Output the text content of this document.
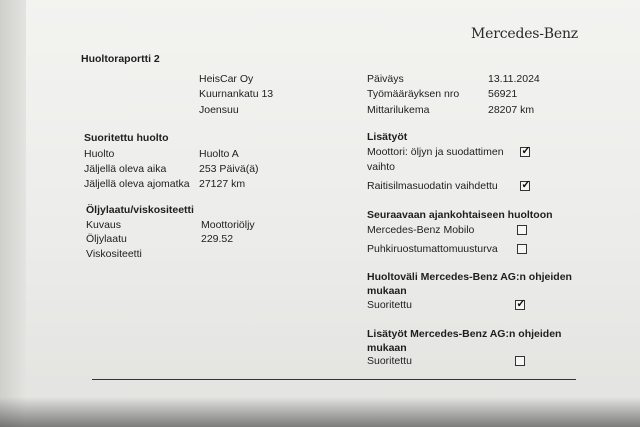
Mercedes-Benz
Huoltoraportti 2
HeisCar Oy
Kuurnankatu 13
Joensuu
Päiväys	13.11.2024
Työmääräyksen nro	56921
Mittarilukema	28207 km
Suoritettu huolto
Huolto	Huolto A
Jäljellä oleva aika	253 Päivä(ä)
Jäljellä oleva ajomatka 27127 km
Öljylaatu/viskositeetti
Kuvaus	Moottoriöljy
Öljylaatu	229.52
Viskositeetti
Lisätyöt
Moottori: öljyn ja suodattimen
vaihto
✓
Raitisilmasuodatin vaihdettu ✓
Seuraavaan ajankohtaiseen huoltoon
Mercedes-Benz Mobilo
Puhkiruostumattomuusturva
Huoltoväli Mercedes-Benz AG:n ohjeiden
mukaan
Suoritettu	✓
Lisätyöt Mercedes-Benz AG:n ohjeiden
mukaan
Suoritettu
